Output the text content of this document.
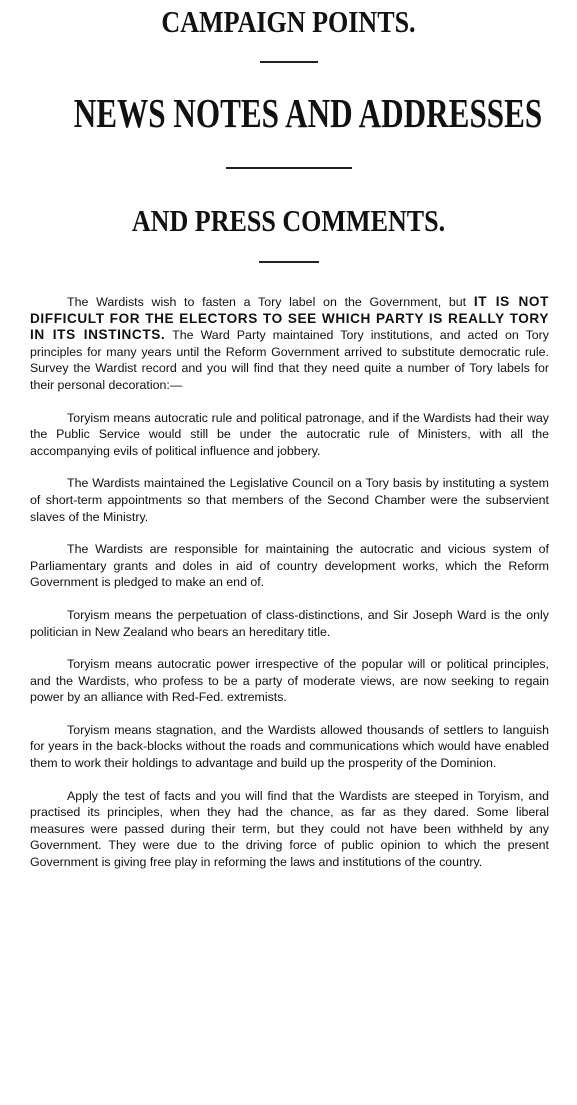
CAMPAIGN POINTS.
NEWS NOTES AND ADDRESSES
AND PRESS COMMENTS.

The Wardists wish to fasten a Tory label on the Government, but IT IS NOT DIFFICULT FOR THE ELECTORS TO SEE WHICH PARTY IS REALLY TORY IN ITS INSTINCTS. The Ward Party maintained Tory institutions, and acted on Tory principles for many years until the Reform Government arrived to substitute democratic rule. Survey the Wardist record and you will find that they need quite a number of Tory labels for their personal decoration:—

Toryism means autocratic rule and political patronage, and if the Wardists had their way the Public Service would still be under the autocratic rule of Ministers, with all the accompanying evils of political influence and jobbery.

The Wardists maintained the Legislative Council on a Tory basis by instituting a system of short-term appointments so that members of the Second Chamber were the subservient slaves of the Ministry.

The Wardists are responsible for maintaining the autocratic and vicious system of Parliamentary grants and doles in aid of country development works, which the Reform Government is pledged to make an end of.

Toryism means the perpetuation of class-distinctions, and Sir Joseph Ward is the only politician in New Zealand who bears an hereditary title.

Toryism means autocratic power irrespective of the popular will or political principles, and the Wardists, who profess to be a party of moderate views, are now seeking to regain power by an alliance with Red-Fed. extremists.

Toryism means stagnation, and the Wardists allowed thousands of settlers to languish for years in the back-blocks without the roads and communications which would have enabled them to work their holdings to advantage and build up the prosperity of the Dominion.

Apply the test of facts and you will find that the Wardists are steeped in Toryism, and practised its principles, when they had the chance, as far as they dared. Some liberal measures were passed during their term, but they could not have been withheld by any Government. They were due to the driving force of public opinion to which the present Government is giving free play in reforming the laws and institutions of the country.
